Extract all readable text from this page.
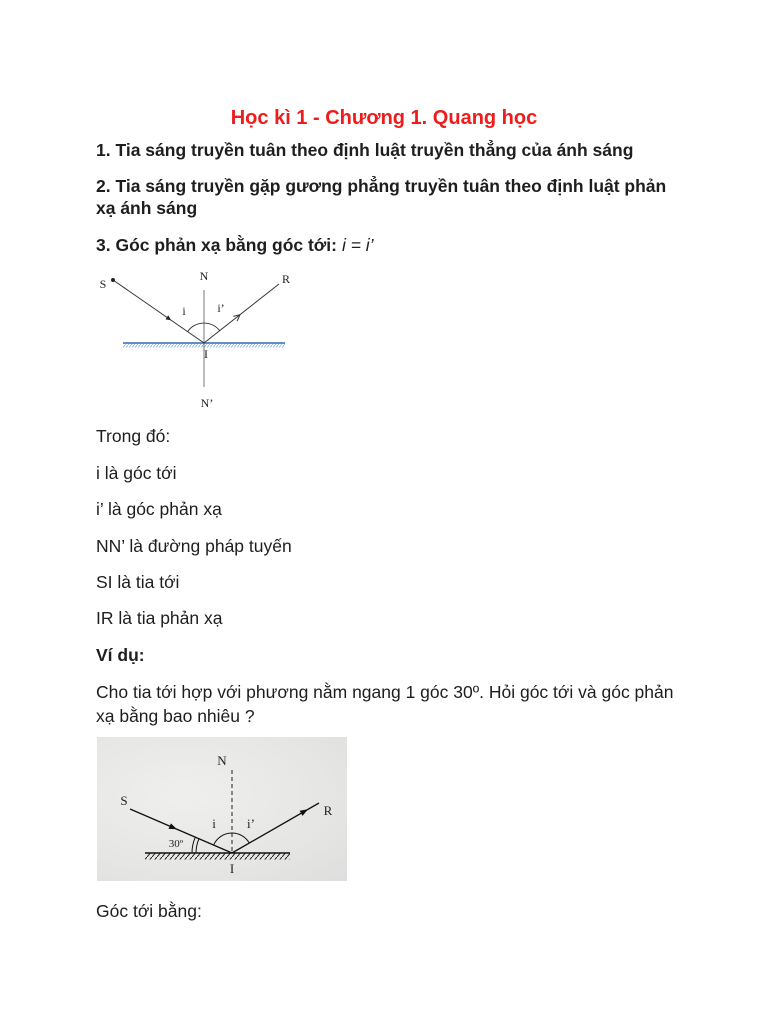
Học kì 1 - Chương 1. Quang học
1. Tia sáng truyền tuân theo định luật truyền thẳng của ánh sáng
2. Tia sáng truyền gặp gương phẳng truyền tuân theo định luật phản xạ ánh sáng
3. Góc phản xạ bằng góc tới: i = i’
S
N	R
i	i’
I
N’
Trong đó:
i là góc tới
i’ là góc phản xạ
NN’ là đường pháp tuyến
SI là tia tới
IR là tia phản xạ
Ví dụ:
Cho tia tới hợp với phương nằm ngang 1 góc 30º. Hỏi góc tới và góc phản xạ bằng bao nhiêu ?
N
S
R
i i’
30º
I
Góc tới bằng:
